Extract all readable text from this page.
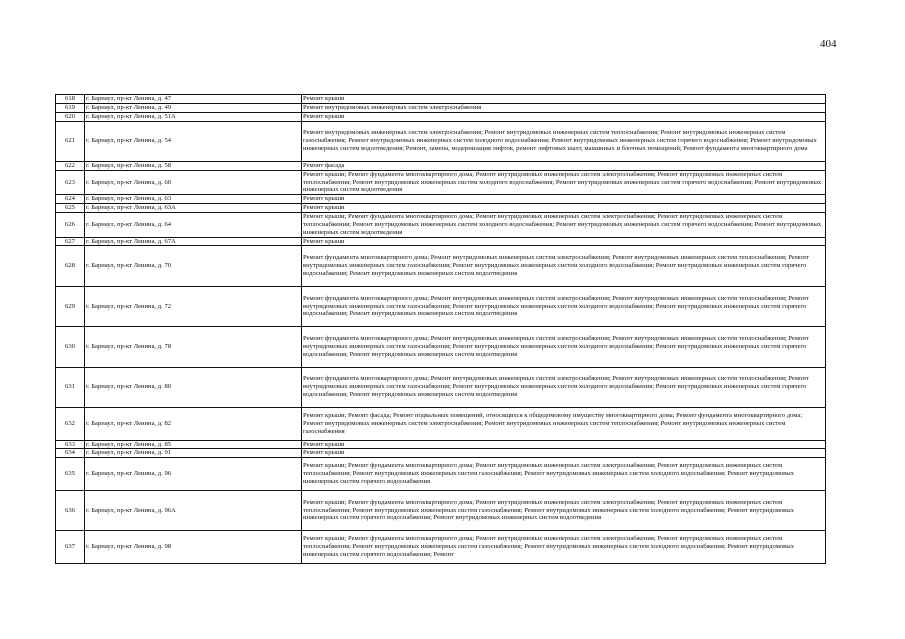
404
618	г. Барнаул, пр-кт Ленина, д. 47	Ремонт крыши
619	г. Барнаул, пр-кт Ленина, д. 49	Ремонт внутридомовых инженерных систем электроснабжения
620	г. Барнаул, пр-кт Ленина, д. 51А	Ремонт крыши
621	г. Барнаул, пр-кт Ленина, д. 54	Ремонт внутридомовых инженерных систем электроснабжения; Ремонт внутридомовых инженерных систем теплоснабжения; Ремонт внутридомовых инженерных систем газоснабжения; Ремонт внутридомовых инженерных систем холодного водоснабжения; Ремонт внутридомовых инженерных систем горячего водоснабжения; Ремонт внутридомовых инженерных систем водоотведения; Ремонт, замена, модернизация лифтов, ремонт лифтовых шахт, машинных и блочных помещений; Ремонт фундамента многоквартирного дома
622	г. Барнаул, пр-кт Ленина, д. 58	Ремонт фасада
623	г. Барнаул, пр-кт Ленина, д. 60	Ремонт крыши; Ремонт фундамента многоквартирного дома; Ремонт внутридомовых инженерных систем электроснабжения; Ремонт внутридомовых инженерных систем теплоснабжения; Ремонт внутридомовых инженерных систем холодного водоснабжения; Ремонт внутридомовых инженерных систем горячего водоснабжения; Ремонт внутридомовых инженерных систем водоотведения
624	г. Барнаул, пр-кт Ленина, д. 63	Ремонт крыши
625	г. Барнаул, пр-кт Ленина, д. 63А	Ремонт крыши
626	г. Барнаул, пр-кт Ленина, д. 64	Ремонт крыши; Ремонт фундамента многоквартирного дома; Ремонт внутридомовых инженерных систем электроснабжения; Ремонт внутридомовых инженерных систем теплоснабжения; Ремонт внутридомовых инженерных систем холодного водоснабжения; Ремонт внутридомовых инженерных систем горячего водоснабжения; Ремонт внутридомовых инженерных систем водоотведения
627	г. Барнаул, пр-кт Ленина, д. 67А	Ремонт крыши
628	г. Барнаул, пр-кт Ленина, д. 70	Ремонт фундамента многоквартирного дома; Ремонт внутридомовых инженерных систем электроснабжения; Ремонт внутридомовых инженерных систем теплоснабжения; Ремонт внутридомовых инженерных систем газоснабжения; Ремонт внутридомовых инженерных систем холодного водоснабжения; Ремонт внутридомовых инженерных систем горячего водоснабжения; Ремонт внутридомовых инженерных систем водоотведения
629	г. Барнаул, пр-кт Ленина, д. 72	Ремонт фундамента многоквартирного дома; Ремонт внутридомовых инженерных систем электроснабжения; Ремонт внутридомовых инженерных систем теплоснабжения; Ремонт внутридомовых инженерных систем газоснабжения; Ремонт внутридомовых инженерных систем холодного водоснабжения; Ремонт внутридомовых инженерных систем горячего водоснабжения; Ремонт внутридомовых инженерных систем водоотведения
630	г. Барнаул, пр-кт Ленина, д. 78	Ремонт фундамента многоквартирного дома; Ремонт внутридомовых инженерных систем электроснабжения; Ремонт внутридомовых инженерных систем теплоснабжения; Ремонт внутридомовых инженерных систем газоснабжения; Ремонт внутридомовых инженерных систем холодного водоснабжения; Ремонт внутридомовых инженерных систем горячего водоснабжения; Ремонт внутридомовых инженерных систем водоотведения
631	г. Барнаул, пр-кт Ленина, д. 80	Ремонт фундамента многоквартирного дома; Ремонт внутридомовых инженерных систем электроснабжения; Ремонт внутридомовых инженерных систем теплоснабжения; Ремонт внутридомовых инженерных систем газоснабжения; Ремонт внутридомовых инженерных систем холодного водоснабжения; Ремонт внутридомовых инженерных систем горячего водоснабжения; Ремонт внутридомовых инженерных систем водоотведения
632	г. Барнаул, пр-кт Ленина, д. 82	Ремонт крыши; Ремонт фасада; Ремонт подвальных помещений, относящихся к общедомовому имуществу многоквартирного дома; Ремонт фундамента многоквартирного дома; Ремонт внутридомовых инженерных систем электроснабжения; Ремонт внутридомовых инженерных систем теплоснабжения; Ремонт внутридомовых инженерных систем газоснабжения
633	г. Барнаул, пр-кт Ленина, д. 85	Ремонт крыши
634	г. Барнаул, пр-кт Ленина, д. 91	Ремонт крыши
635	г. Барнаул, пр-кт Ленина, д. 96	Ремонт крыши; Ремонт фундамента многоквартирного дома; Ремонт внутридомовых инженерных систем электроснабжения; Ремонт внутридомовых инженерных систем теплоснабжения; Ремонт внутридомовых инженерных систем газоснабжения; Ремонт внутридомовых инженерных систем холодного водоснабжения; Ремонт внутридомовых инженерных систем горячего водоснабжения
636	г. Барнаул, пр-кт Ленина, д. 96А	Ремонт крыши; Ремонт фундамента многоквартирного дома; Ремонт внутридомовых инженерных систем электроснабжения; Ремонт внутридомовых инженерных систем теплоснабжения; Ремонт внутридомовых инженерных систем газоснабжения; Ремонт внутридомовых инженерных систем холодного водоснабжения; Ремонт внутридомовых инженерных систем горячего водоснабжения; Ремонт внутридомовых инженерных систем водоотведения
637	г. Барнаул, пр-кт Ленина, д. 98	Ремонт крыши; Ремонт фундамента многоквартирного дома; Ремонт внутридомовых инженерных систем электроснабжения; Ремонт внутридомовых инженерных систем теплоснабжения; Ремонт внутридомовых инженерных систем газоснабжения; Ремонт внутридомовых инженерных систем холодного водоснабжения; Ремонт внутридомовых инженерных систем горячего водоснабжения; Ремонт
